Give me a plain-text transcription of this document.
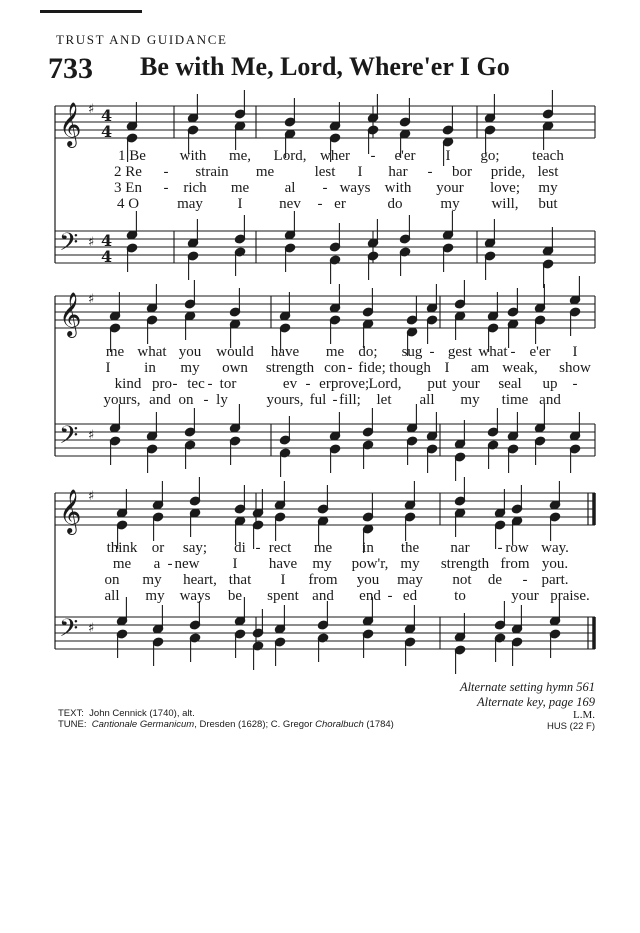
TRUST AND GUIDANCE
733 Be with Me, Lord, Where'er I Go
𝄞
𝄢
♯
♯
4
4
4
4
𝄞
𝄢
♯
♯
𝄞
𝄢
♯
♯
Alternate setting hymn 561
Alternate key, page 169
L.M.
TEXT: John Cennick (1740), alt.
TUNE: Cantionale Germanicum, Dresden (1628); C. Gregor Choralbuch (1784)	HUS (22 F)
1 Be with me, Lord, wher - e'er I go; teach
2 Re - strain me	lest I har - bor pride, lest
3 En - rich me al - ways with your love; my
4 O	may I nev - er	do	my will, but
me what you would have me do; sug - gest what - e'er I
I in my own strength con - fide; though I am weak, show
kind pro - tec - tor	ev - er prove; Lord, put your seal up -
yours, and on - ly	yours, ful - fill; let all my time and
think or say; di - rect me in the nar - row way.
me a - new I have my pow'r, my strength from you.
on my heart, that I from you may not de - part.
all my ways be spent and end - ed to	your praise.
